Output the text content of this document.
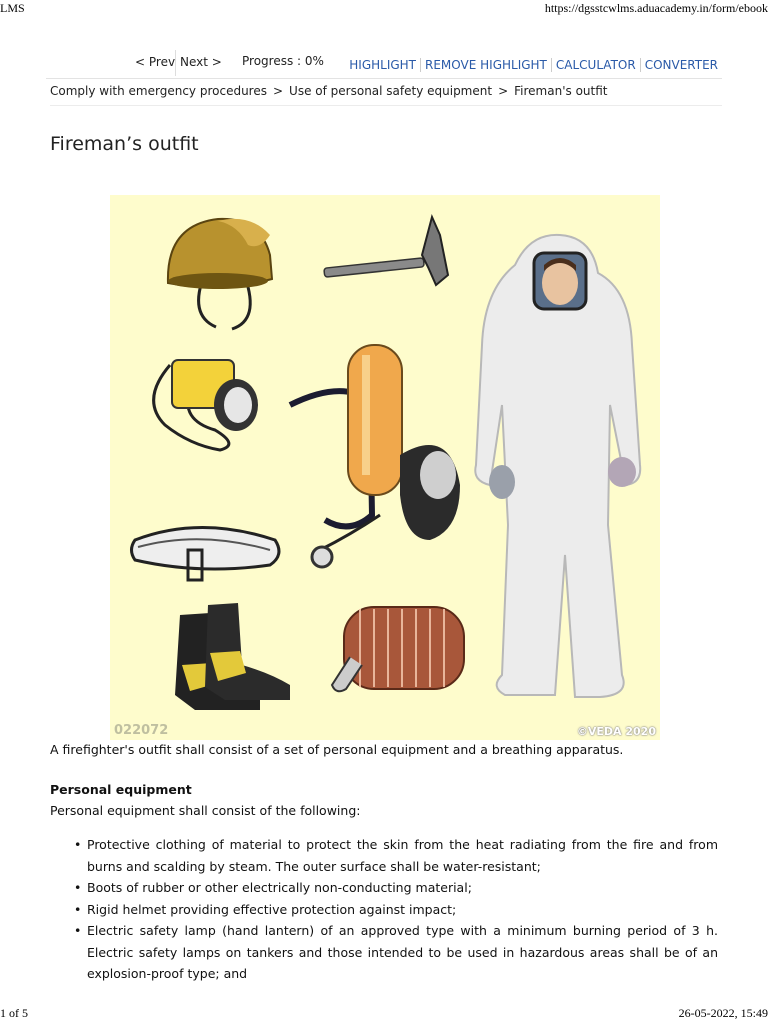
LMS	https://dgsstcwlms.aduacademy.in/form/ebook
< Prev Next > Progress : 0%	HIGHLIGHT REMOVE HIGHLIGHT CALCULATOR CONVERTER
Comply with emergency procedures > Use of personal safety equipment > Fireman's outfit
Fireman’s outfit
022072	©VEDA 2020
A firefighter's outfit shall consist of a set of personal equipment and a breathing apparatus.
Personal equipment
Personal equipment shall consist of the following:
• Protective clothing of material to protect the skin from the heat radiating from the fire and from burns and scalding by steam. The outer surface shall be water-resistant;
• Boots of rubber or other electrically non-conducting material;
• Rigid helmet providing effective protection against impact;
• Electric safety lamp (hand lantern) of an approved type with a minimum burning period of 3 h. Electric safety lamps on tankers and those intended to be used in hazardous areas shall be of an explosion-proof type; and
1 of 5	26-05-2022, 15:49
